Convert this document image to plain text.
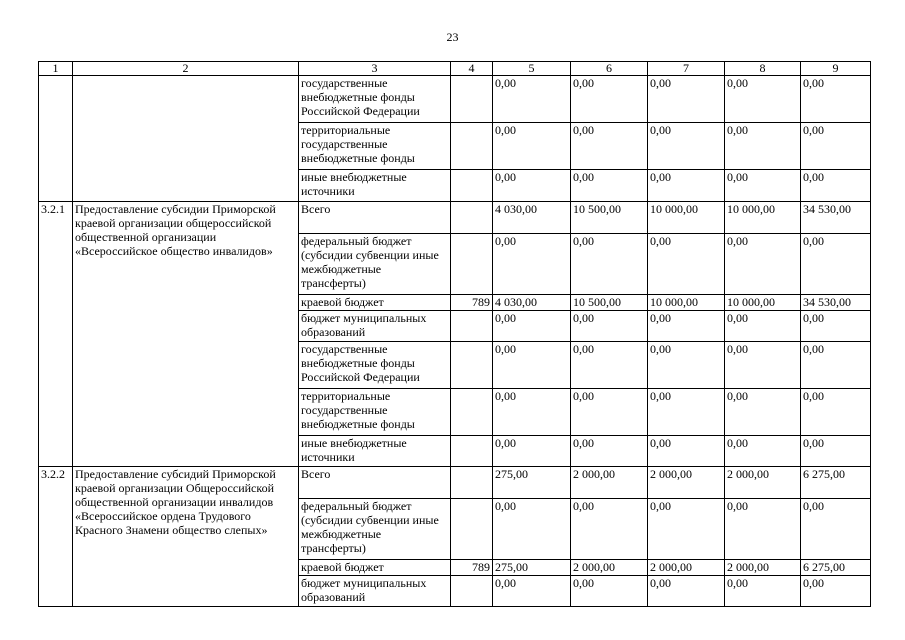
23
1	2	3	4	5	6	7	8	9
		государственные внебюджетные фонды Российской Федерации		0,00	0,00	0,00	0,00	0,00
		территориальные государственные внебюджетные фонды		0,00	0,00	0,00	0,00	0,00
		иные внебюджетные источники		0,00	0,00	0,00	0,00	0,00
3.2.1	Предоставление субсидии Приморской краевой организации общероссийской общественной организации «Всероссийское общество инвалидов»	Всего		4 030,00	10 500,00	10 000,00	10 000,00	34 530,00
		федеральный бюджет (субсидии субвенции иные межбюджетные трансферты)		0,00	0,00	0,00	0,00	0,00
		краевой бюджет	789	4 030,00	10 500,00	10 000,00	10 000,00	34 530,00
		бюджет муниципальных образований		0,00	0,00	0,00	0,00	0,00
		государственные внебюджетные фонды Российской Федерации		0,00	0,00	0,00	0,00	0,00
		территориальные государственные внебюджетные фонды		0,00	0,00	0,00	0,00	0,00
		иные внебюджетные источники		0,00	0,00	0,00	0,00	0,00
3.2.2	Предоставление субсидий Приморской краевой организации Общероссийской общественной организации инвалидов «Всероссийское ордена Трудового Красного Знамени общество слепых»	Всего		275,00	2 000,00	2 000,00	2 000,00	6 275,00
		федеральный бюджет (субсидии субвенции иные межбюджетные трансферты)		0,00	0,00	0,00	0,00	0,00
		краевой бюджет	789	275,00	2 000,00	2 000,00	2 000,00	6 275,00
		бюджет муниципальных образований		0,00	0,00	0,00	0,00	0,00
